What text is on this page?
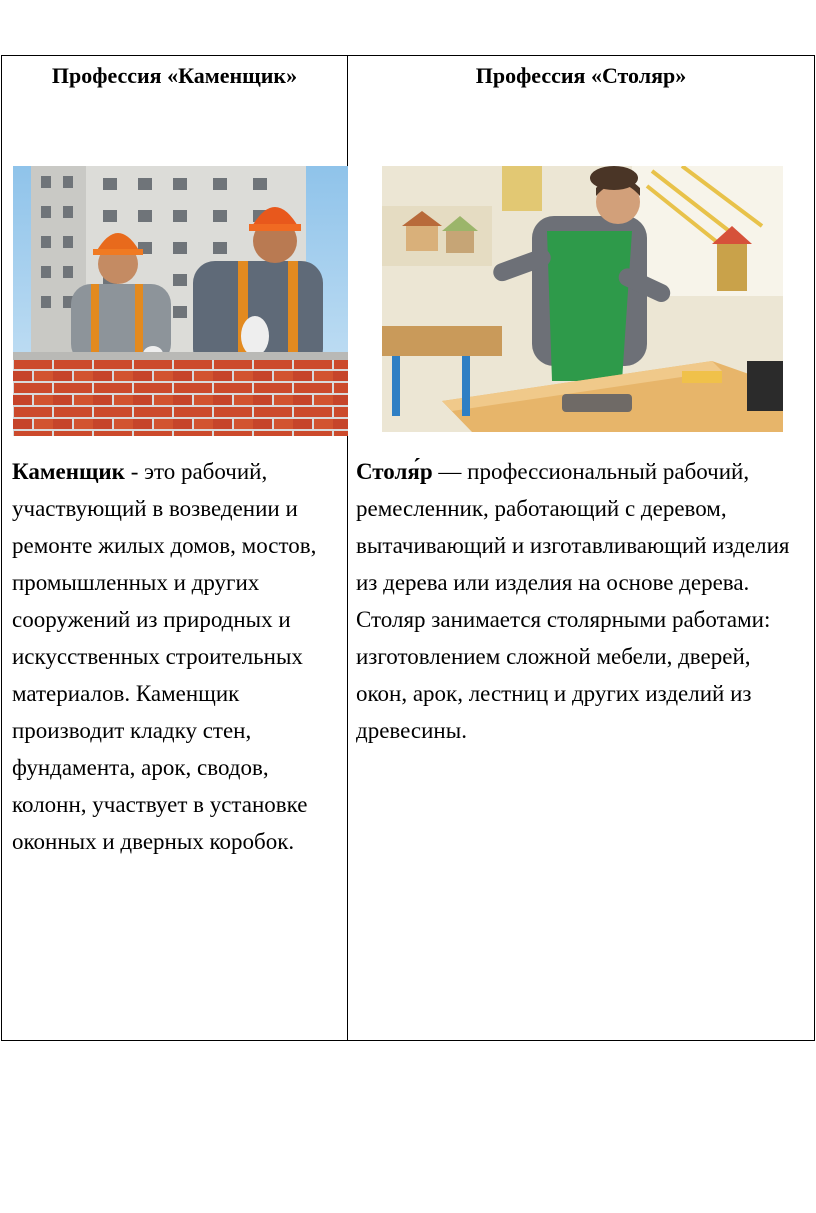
Профессия «Каменщик»
Каменщик - это рабочий, участвующий в возведении и ремонте жилых домов, мостов, промышленных и других сооружений из природных и искусственных строительных материалов. Каменщик производит кладку стен, фундамента, арок, сводов, колонн, участвует в установке оконных и дверных коробок.
Профессия «Столяр»
Столя́р — профессиональный рабочий, ремесленник, работающий с деревом, вытачивающий и изготавливающий изделия из дерева или изделия на основе дерева. Столяр занимается столярными работами: изготовлением сложной мебели, дверей, окон, арок, лестниц и других изделий из древесины.
